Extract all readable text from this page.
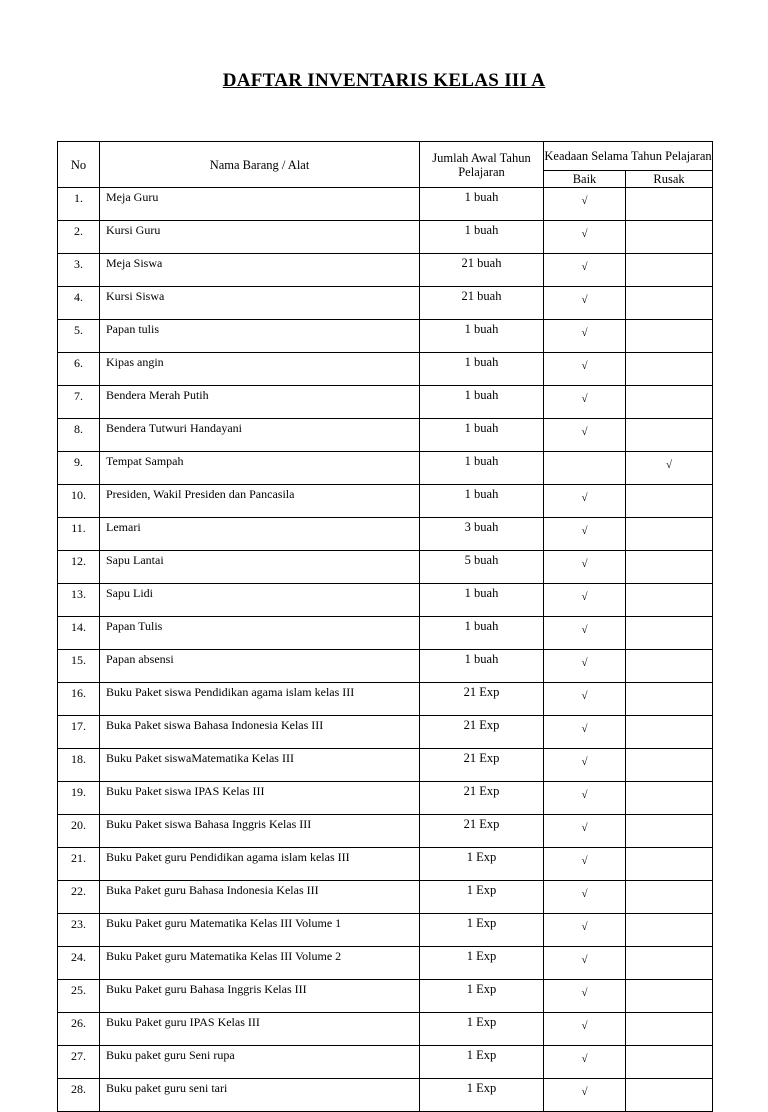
DAFTAR INVENTARIS KELAS III A
No	Nama Barang / Alat	Jumlah Awal Tahun Pelajaran	Keadaan Selama Tahun Pelajaran	
			Baik	Rusak
1.	Meja Guru	1 buah	√	
2.	Kursi Guru	1 buah	√	
3.	Meja Siswa	21 buah	√	
4.	Kursi Siswa	21 buah	√	
5.	Papan tulis	1 buah	√	
6.	Kipas angin	1 buah	√	
7.	Bendera Merah Putih	1 buah	√	
8.	Bendera Tutwuri Handayani	1 buah	√	
9.	Tempat Sampah	1 buah		√
10.	Presiden, Wakil Presiden dan Pancasila	1 buah	√	
11.	Lemari	3 buah	√	
12.	Sapu Lantai	5 buah	√	
13.	Sapu Lidi	1 buah	√	
14.	Papan Tulis	1 buah	√	
15.	Papan absensi	1 buah	√	
16.	Buku Paket siswa Pendidikan agama islam kelas III	21 Exp	√	
17.	Buka Paket siswa Bahasa Indonesia Kelas III	21 Exp	√	
18.	Buku Paket siswaMatematika Kelas III	21 Exp	√	
19.	Buku Paket siswa IPAS Kelas III	21 Exp	√	
20.	Buku Paket siswa Bahasa Inggris Kelas III	21 Exp	√	
21.	Buku Paket guru Pendidikan agama islam kelas III	1 Exp	√	
22.	Buka Paket guru Bahasa Indonesia Kelas III	1 Exp	√	
23.	Buku Paket guru Matematika Kelas III Volume 1	1 Exp	√	
24.	Buku Paket guru Matematika Kelas III Volume 2	1 Exp	√	
25.	Buku Paket guru Bahasa Inggris Kelas III	1 Exp	√	
26.	Buku Paket guru IPAS Kelas III	1 Exp	√	
27.	Buku paket guru Seni rupa	1 Exp	√	
28.	Buku paket guru seni tari	1 Exp	√	
